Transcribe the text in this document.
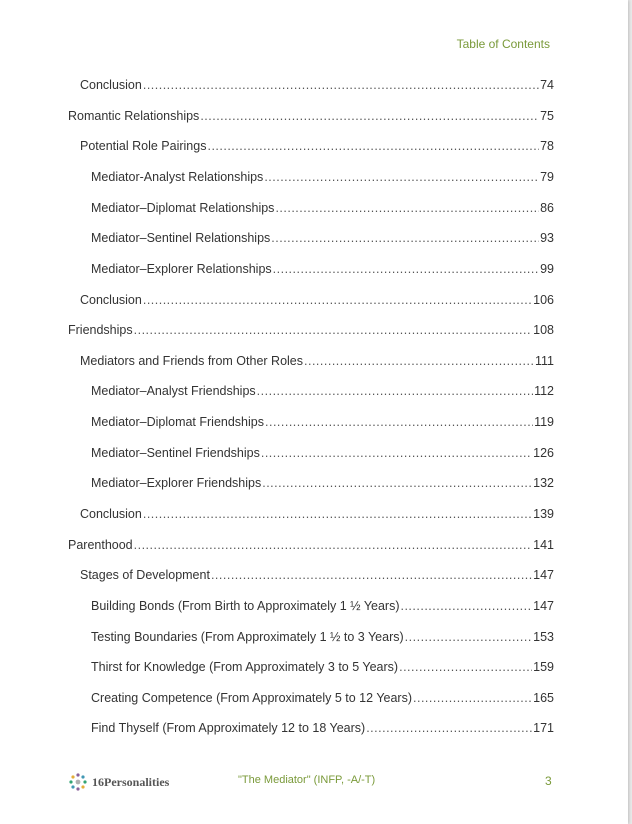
Table of Contents
Conclusion .....	74
Romantic Relationships .....	75
Potential Role Pairings .....	78
Mediator-Analyst Relationships .....	79
Mediator–Diplomat Relationships .....	86
Mediator–Sentinel Relationships .....	93
Mediator–Explorer Relationships .....	99
Conclusion .....	106
Friendships .....	108
Mediators and Friends from Other Roles .....	111
Mediator–Analyst Friendships .....	112
Mediator–Diplomat Friendships .....	119
Mediator–Sentinel Friendships .....	126
Mediator–Explorer Friendships .....	132
Conclusion .....	139
Parenthood .....	141
Stages of Development .....	147
Building Bonds (From Birth to Approximately 1 ½ Years) .....	147
Testing Boundaries (From Approximately 1 ½ to 3 Years) .....	153
Thirst for Knowledge (From Approximately 3 to 5 Years) .....	159
Creating Competence (From Approximately 5 to 12 Years) .....	165
Find Thyself (From Approximately 12 to 18 Years) .....	171
16Personalities	"The Mediator" (INFP, -A/-T)	3
